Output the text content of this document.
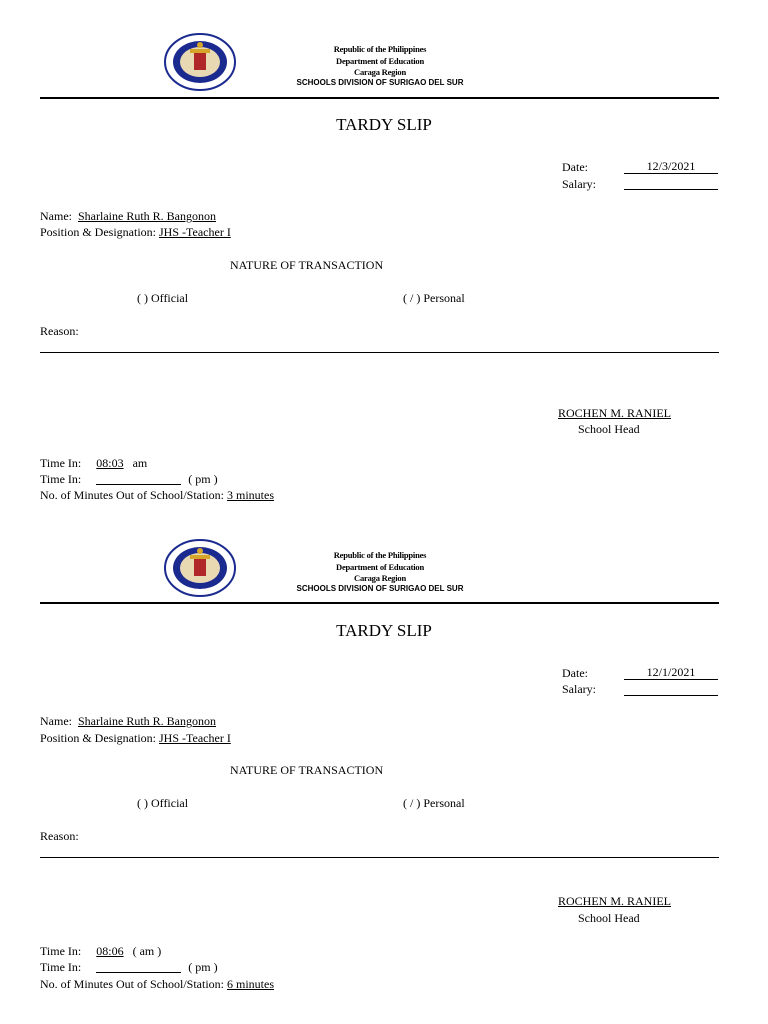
Republic of the Philippines
Department of Education
Caraga Region
SCHOOLS DIVISION OF SURIGAO DEL SUR
TARDY SLIP
Date:	12/3/2021
Salary:
Name: Sharlaine Ruth R. Bangonon
Position & Designation: JHS -Teacher I
NATURE OF TRANSACTION
( ) Official	( / ) Personal
Reason:
ROCHEN M. RANIEL
School Head
Time In: 08:03 am
Time In:	( pm )
No. of Minutes Out of School/Station: 3 minutes
Republic of the Philippines
Department of Education
Caraga Region
SCHOOLS DIVISION OF SURIGAO DEL SUR
TARDY SLIP
Date:	12/1/2021
Salary:
Name: Sharlaine Ruth R. Bangonon
Position & Designation: JHS -Teacher I
NATURE OF TRANSACTION
( ) Official	( / ) Personal
Reason:
ROCHEN M. RANIEL
School Head
Time In: 08:06 ( am )
Time In:	( pm )
No. of Minutes Out of School/Station: 6 minutes
